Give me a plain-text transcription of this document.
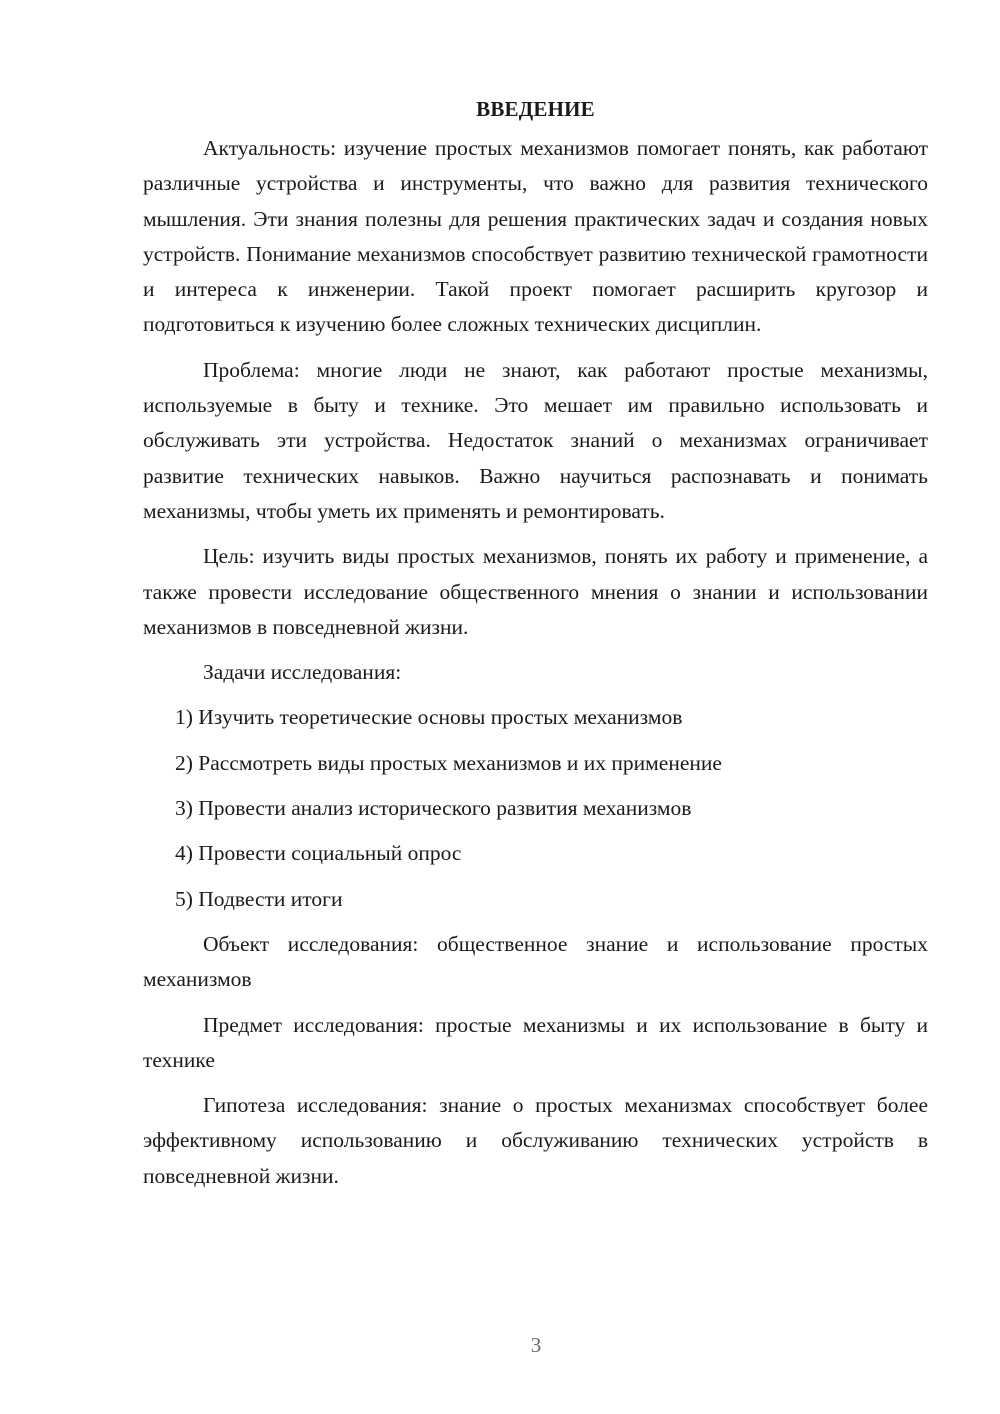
ВВЕДЕНИЕ

Актуальность: изучение простых механизмов помогает понять, как работают различные устройства и инструменты, что важно для развития технического мышления. Эти знания полезны для решения практических задач и создания новых устройств. Понимание механизмов способствует развитию технической грамотности и интереса к инженерии. Такой проект помогает расширить кругозор и подготовиться к изучению более сложных технических дисциплин.

Проблема: многие люди не знают, как работают простые механизмы, используемые в быту и технике. Это мешает им правильно использовать и обслуживать эти устройства. Недостаток знаний о механизмах ограничивает развитие технических навыков. Важно научиться распознавать и понимать механизмы, чтобы уметь их применять и ремонтировать.

Цель: изучить виды простых механизмов, понять их работу и применение, а также провести исследование общественного мнения о знании и использовании механизмов в повседневной жизни.

Задачи исследования:

1) Изучить теоретические основы простых механизмов
2) Рассмотреть виды простых механизмов и их применение
3) Провести анализ исторического развития механизмов
4) Провести социальный опрос
5) Подвести итоги

Объект исследования: общественное знание и использование простых механизмов

Предмет исследования: простые механизмы и их использование в быту и технике

Гипотеза исследования: знание о простых механизмах способствует более эффективному использованию и обслуживанию технических устройств в повседневной жизни.

3
